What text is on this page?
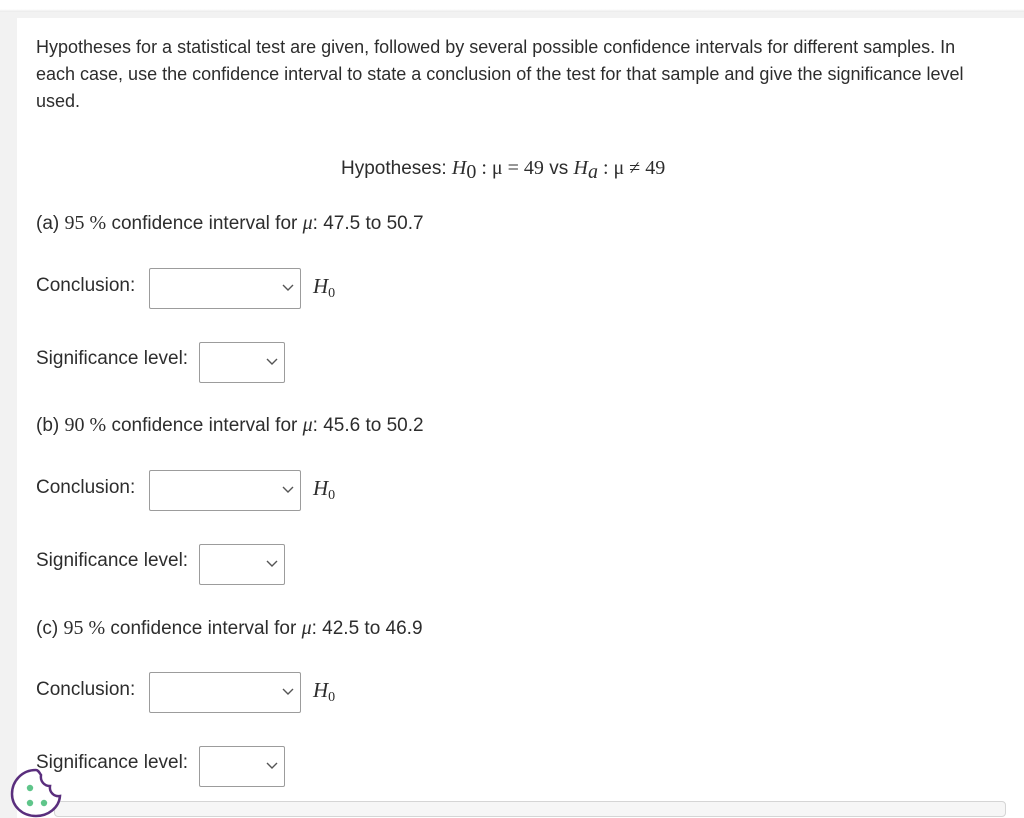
Hypotheses for a statistical test are given, followed by several possible confidence intervals for different samples. In each case, use the confidence interval to state a conclusion of the test for that sample and give the significance level used.
Hypotheses: $H_0$ : μ = 49 vs $H_a$ : μ ≠ 49
(a) 95 % confidence interval for μ: 47.5 to 50.7
Conclusion:	$H_0$
Significance level:
(b) 90 % confidence interval for μ: 45.6 to 50.2
Conclusion:	$H_0$
Significance level:
(c) 95 % confidence interval for μ: 42.5 to 46.9
Conclusion:	$H_0$
Significance level:
